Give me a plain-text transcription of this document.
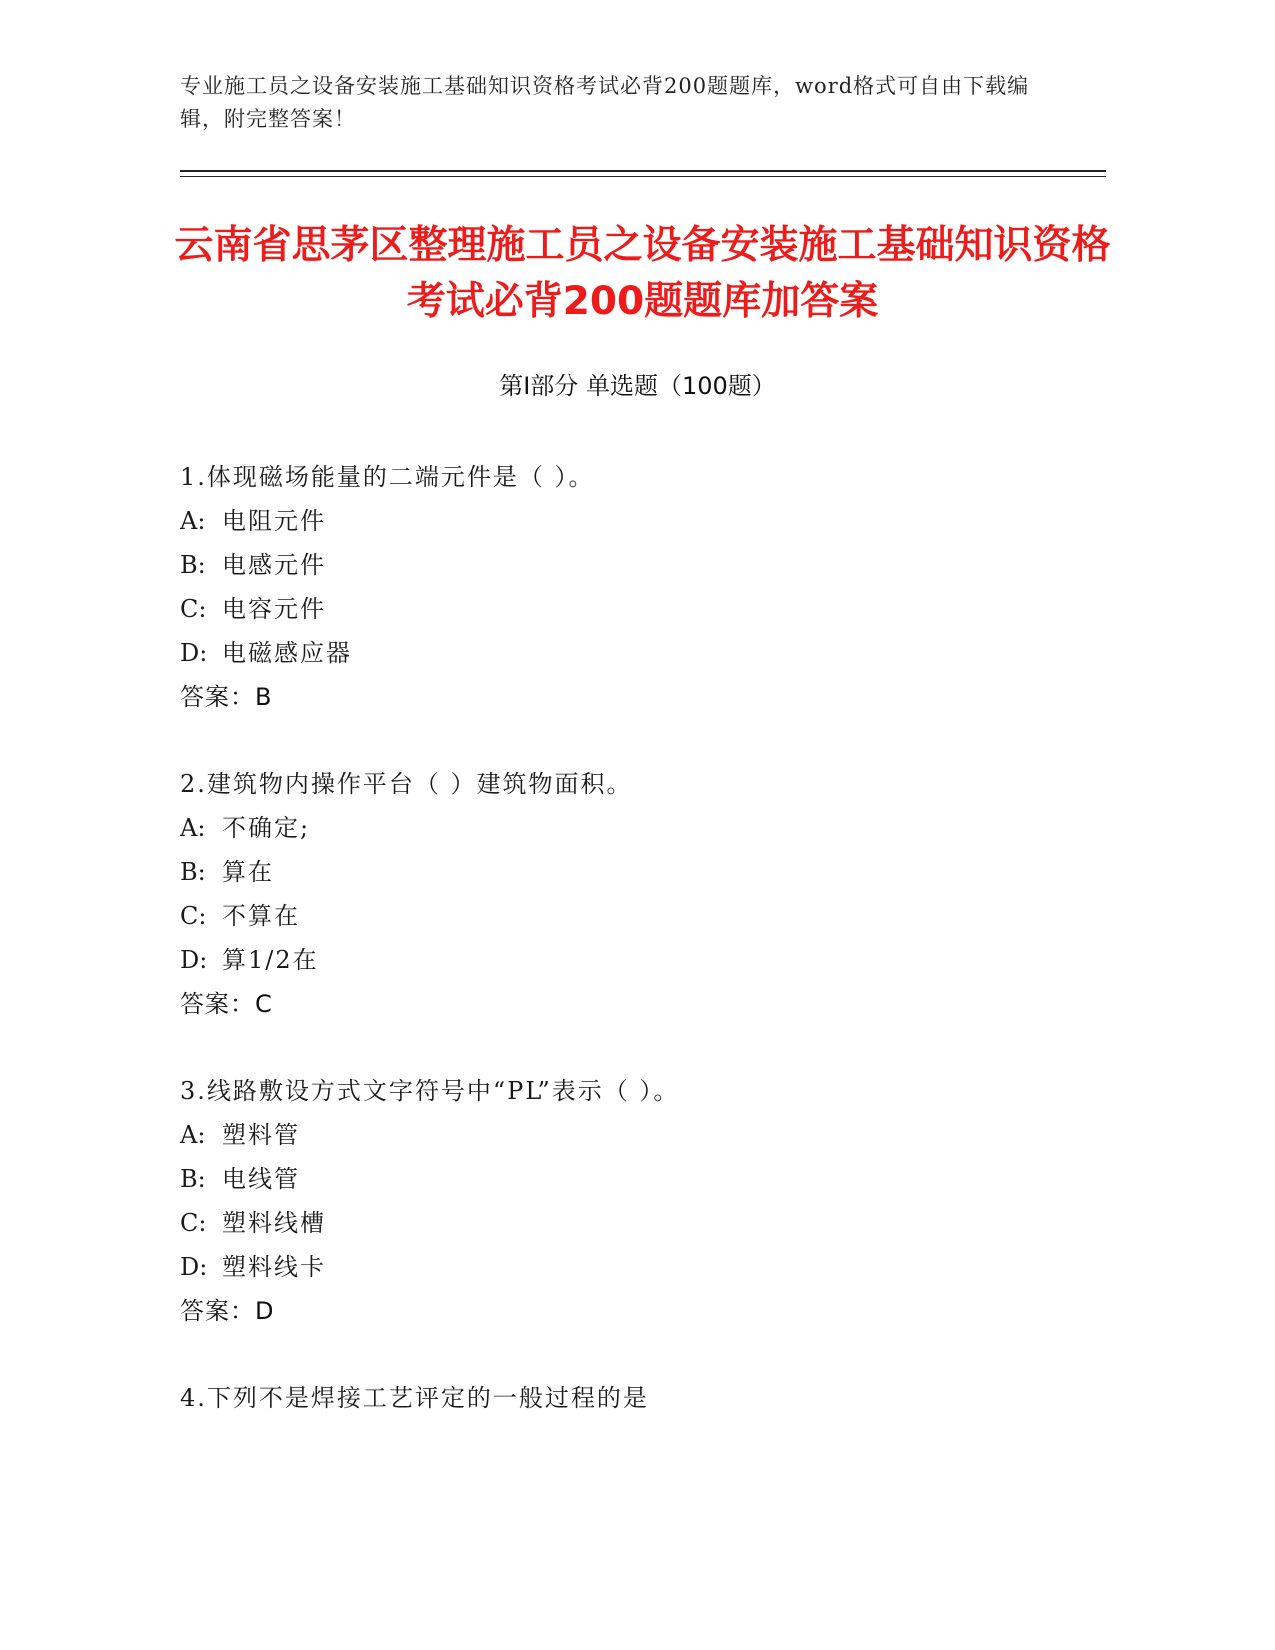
专业施工员之设备安装施工基础知识资格考试必背200题题库，word格式可自由下载编辑，附完整答案！
云南省思茅区整理施工员之设备安装施工基础知识资格考试必背200题题库加答案
第Ⅰ部分 单选题（100题）
1.体现磁场能量的二端元件是（ ）。
A: 电阻元件
B: 电感元件
C: 电容元件
D: 电磁感应器
答案：B
2.建筑物内操作平台（ ）建筑物面积。
A: 不确定;
B: 算在
C: 不算在
D: 算1/2在
答案：C
3.线路敷设方式文字符号中“PL”表示（ ）。
A: 塑料管
B: 电线管
C: 塑料线槽
D: 塑料线卡
答案：D
4.下列不是焊接工艺评定的一般过程的是
